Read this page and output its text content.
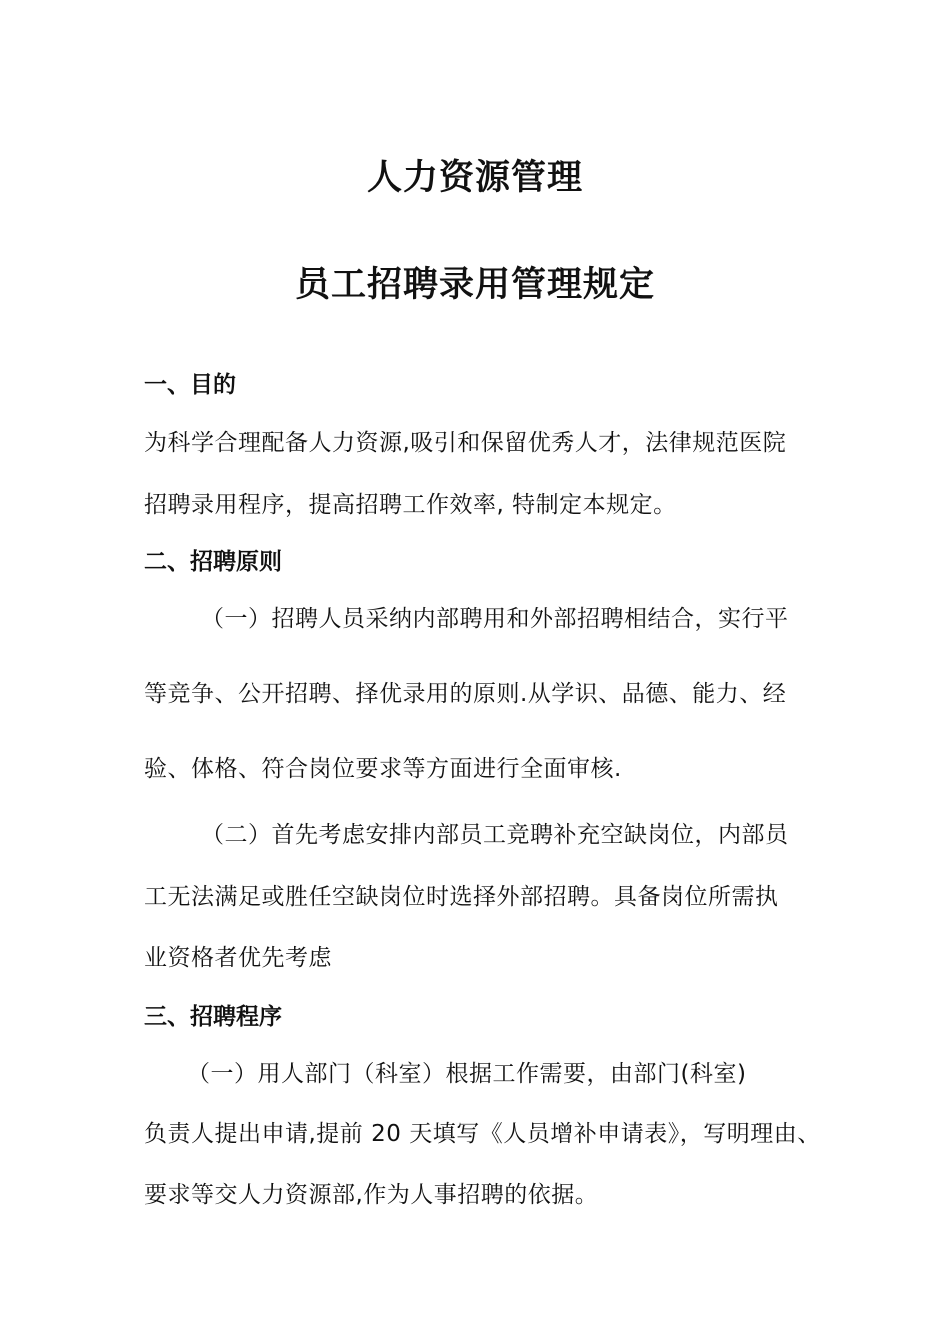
人力资源管理
员工招聘录用管理规定
一、目的
为科学合理配备人力资源,吸引和保留优秀人才，法律规范医院
招聘录用程序，提高招聘工作效率, 特制定本规定。
二、招聘原则
（一）招聘人员采纳内部聘用和外部招聘相结合，实行平
等竞争、公开招聘、择优录用的原则.从学识、品德、能力、经
验、体格、符合岗位要求等方面进行全面审核.
（二）首先考虑安排内部员工竞聘补充空缺岗位，内部员
工无法满足或胜任空缺岗位时选择外部招聘。具备岗位所需执
业资格者优先考虑
三、招聘程序
（一）用人部门（科室）根据工作需要，由部门(科室)
负责人提出申请,提前 20 天填写《人员增补申请表》，写明理由、
要求等交人力资源部,作为人事招聘的依据。
